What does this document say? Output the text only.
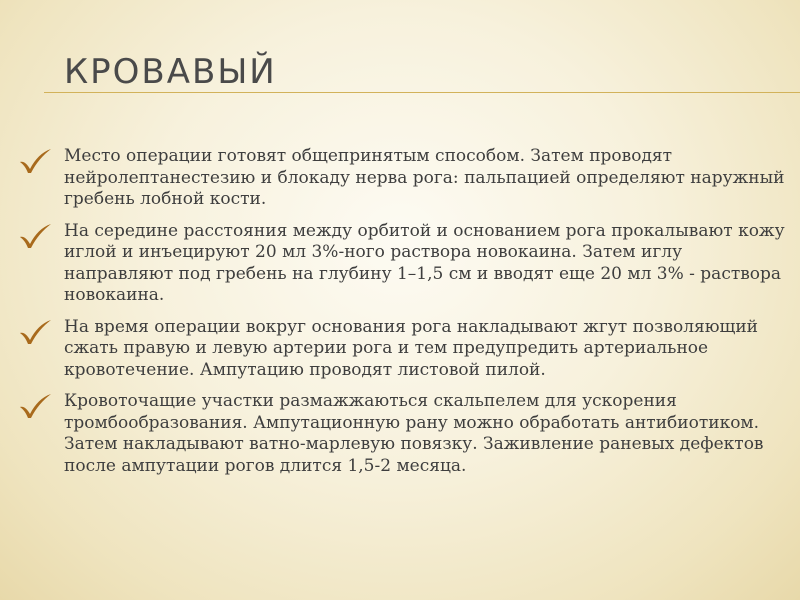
КРОВАВЫЙ

Место операции готовят общепринятым способом. Затем проводят нейролептанестезию и блокаду нерва рога: пальпацией определяют наружный гребень лобной кости.

На середине расстояния между орбитой и основанием рога прокалывают кожу иглой и инъецируют 20 мл 3%-ного раствора новокаина. Затем иглу направляют под гребень на глубину 1–1,5 см и вводят еще 20 мл 3% - раствора новокаина.

На время операции вокруг основания рога накладывают жгут позволяющий сжать правую и левую артерии рога и тем предупредить артериальное кровотечение. Ампутацию проводят листовой пилой.

Кровоточащие участки размажжаються скальпелем для ускорения тромбообразования. Ампутационную рану можно обработать антибиотиком. Затем накладывают ватно-марлевую повязку. Заживление раневых дефектов после ампутации рогов длится 1,5-2 месяца.
